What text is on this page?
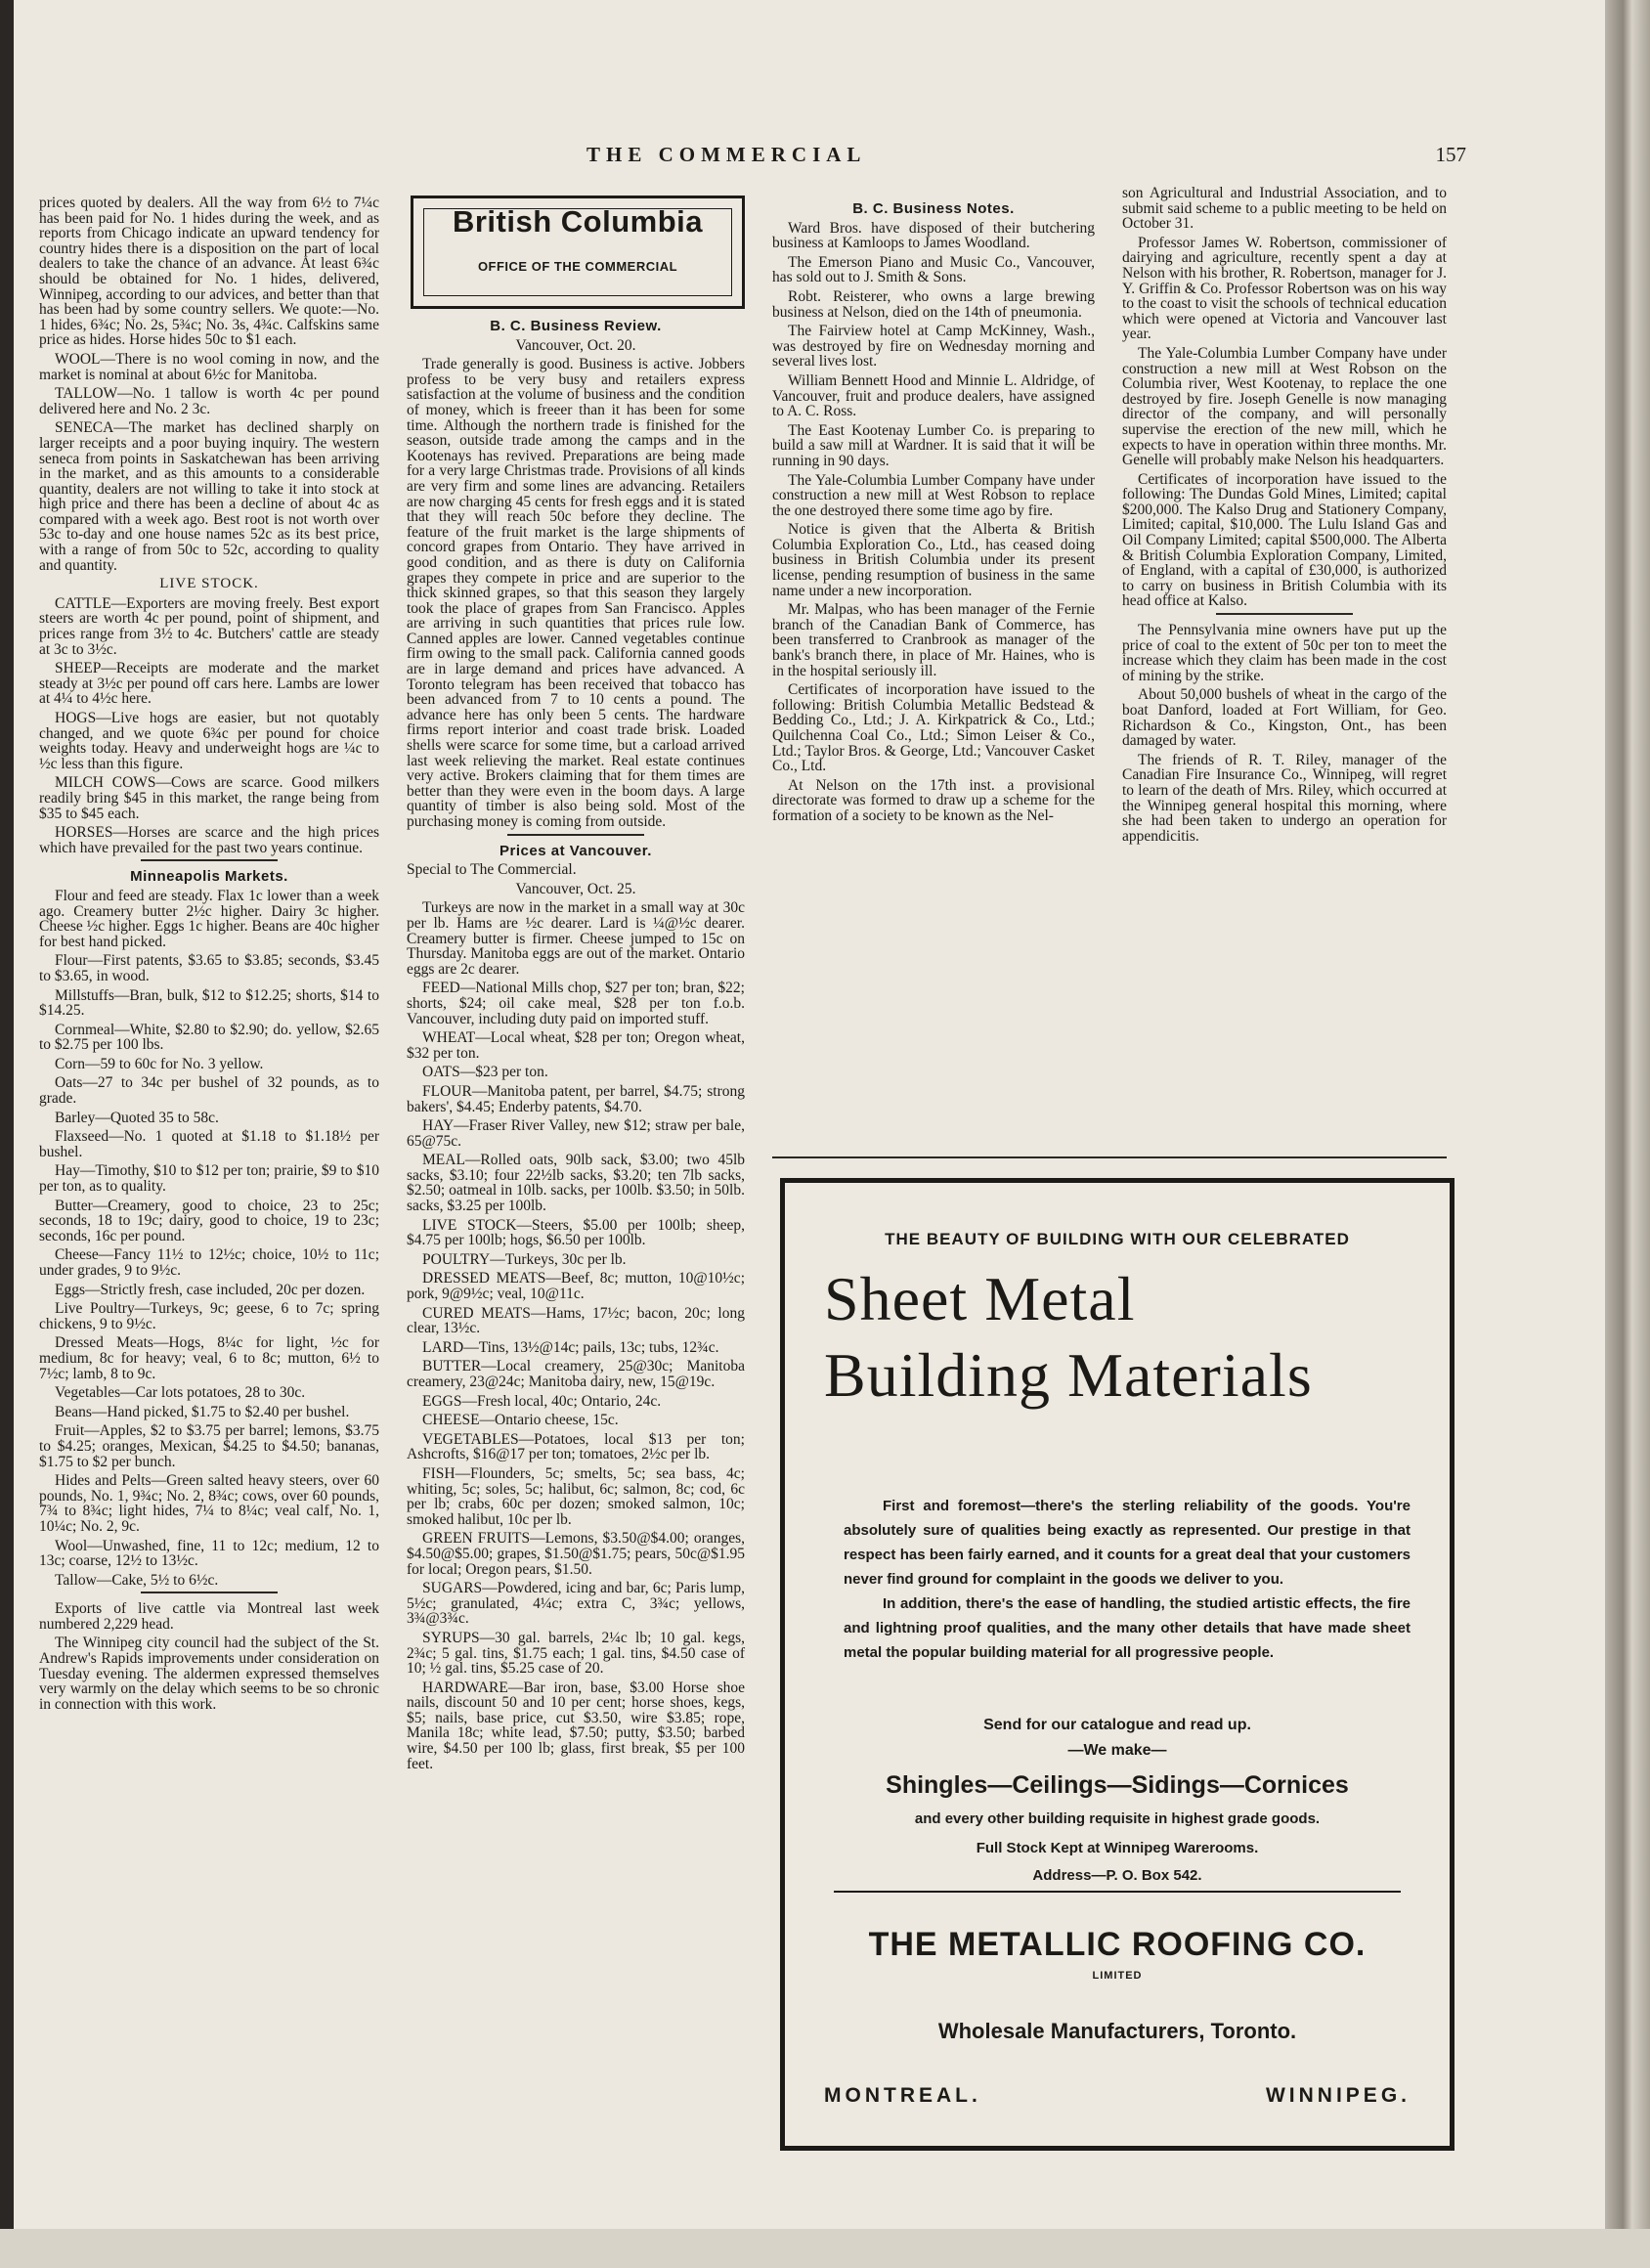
THE COMMERCIAL	157

prices quoted by dealers. All the way from 6½ to 7¼c has been paid for No. 1 hides during the week, and as reports from Chicago indicate an upward tendency for country hides there is a disposition on the part of local dealers to take the chance of an advance. At least 6¾c should be obtained for No. 1 hides, delivered, Winnipeg, according to our advices, and better than that has been had by some country sellers. We quote:—No. 1 hides, 6¾c; No. 2s, 5¾c; No. 3s, 4¾c. Calfskins same price as hides. Horse hides 50c to $1 each.

WOOL—There is no wool coming in now, and the market is nominal at about 6½c for Manitoba.

TALLOW—No. 1 tallow is worth 4c per pound delivered here and No. 2 3c.

SENECA—The market has declined sharply on larger receipts and a poor buying inquiry. The western seneca from points in Saskatchewan has been arriving in the market, and as this amounts to a considerable quantity, dealers are not willing to take it into stock at high price and there has been a decline of about 4c as compared with a week ago. Best root is not worth over 53c to-day and one house names 52c as its best price, with a range of from 50c to 52c, according to quality and quantity.

LIVE STOCK.

CATTLE—Exporters are moving freely. Best export steers are worth 4c per pound, point of shipment, and prices range from 3½ to 4c. Butchers' cattle are steady at 3c to 3½c.

SHEEP—Receipts are moderate and the market steady at 3½c per pound off cars here. Lambs are lower at 4¼ to 4½c here.

HOGS—Live hogs are easier, but not quotably changed, and we quote 6¾c per pound for choice weights today. Heavy and underweight hogs are ¼c to ½c less than this figure.

MILCH COWS—Cows are scarce. Good milkers readily bring $45 in this market, the range being from $35 to $45 each.

HORSES—Horses are scarce and the high prices which have prevailed for the past two years continue.

Minneapolis Markets.

Flour and feed are steady. Flax 1c lower than a week ago. Creamery butter 2½c higher. Dairy 3c higher. Cheese ½c higher. Eggs 1c higher. Beans are 40c higher for best hand picked.

Flour—First patents, $3.65 to $3.85; seconds, $3.45 to $3.65, in wood.

Millstuffs—Bran, bulk, $12 to $12.25; shorts, $14 to $14.25.

Cornmeal—White, $2.80 to $2.90; do. yellow, $2.65 to $2.75 per 100 lbs.

Corn—59 to 60c for No. 3 yellow.

Oats—27 to 34c per bushel of 32 pounds, as to grade.

Barley—Quoted 35 to 58c.

Flaxseed—No. 1 quoted at $1.18 to $1.18½ per bushel.

Hay—Timothy, $10 to $12 per ton; prairie, $9 to $10 per ton, as to quality.

Butter—Creamery, good to choice, 23 to 25c; seconds, 18 to 19c; dairy, good to choice, 19 to 23c; seconds, 16c per pound.

Cheese—Fancy 11½ to 12½c; choice, 10½ to 11c; under grades, 9 to 9½c.

Eggs—Strictly fresh, case included, 20c per dozen.

Live Poultry—Turkeys, 9c; geese, 6 to 7c; spring chickens, 9 to 9½c.

Dressed Meats—Hogs, 8¼c for light, ½c for medium, 8c for heavy; veal, 6 to 8c; mutton, 6½ to 7½c; lamb, 8 to 9c.

Vegetables—Car lots potatoes, 28 to 30c.

Beans—Hand picked, $1.75 to $2.40 per bushel.

Fruit—Apples, $2 to $3.75 per barrel; lemons, $3.75 to $4.25; oranges, Mexican, $4.25 to $4.50; bananas, $1.75 to $2 per bunch.

Hides and Pelts—Green salted heavy steers, over 60 pounds, No. 1, 9¾c; No. 2, 8¾c; cows, over 60 pounds, 7¾ to 8¾c; light hides, 7¼ to 8¼c; veal calf, No. 1, 10¼c; No. 2, 9c.

Wool—Unwashed, fine, 11 to 12c; medium, 12 to 13c; coarse, 12½ to 13½c.

Tallow—Cake, 5½ to 6½c.

Exports of live cattle via Montreal last week numbered 2,229 head.

The Winnipeg city council had the subject of the St. Andrew's Rapids improvements under consideration on Tuesday evening. The aldermen expressed themselves very warmly on the delay which seems to be so chronic in connection with this work.

British Columbia
OFFICE OF THE COMMERCIAL
B. C. Business Review.

Vancouver, Oct. 20.

Trade generally is good. Business is active. Jobbers profess to be very busy and retailers express satisfaction at the volume of business and the condition of money, which is freeer than it has been for some time. Although the northern trade is finished for the season, outside trade among the camps and in the Kootenays has revived. Preparations are being made for a very large Christmas trade. Provisions of all kinds are very firm and some lines are advancing. Retailers are now charging 45 cents for fresh eggs and it is stated that they will reach 50c before they decline. The feature of the fruit market is the large shipments of concord grapes from Ontario. They have arrived in good condition, and as there is duty on California grapes they compete in price and are superior to the thick skinned grapes, so that this season they largely took the place of grapes from San Francisco. Apples are arriving in such quantities that prices rule low. Canned apples are lower. Canned vegetables continue firm owing to the small pack. California canned goods are in large demand and prices have advanced. A Toronto telegram has been received that tobacco has been advanced from 7 to 10 cents a pound. The advance here has only been 5 cents. The hardware firms report interior and coast trade brisk. Loaded shells were scarce for some time, but a carload arrived last week relieving the market. Real estate continues very active. Brokers claiming that for them times are better than they were even in the boom days. A large quantity of timber is also being sold. Most of the purchasing money is coming from outside.

Prices at Vancouver.

Special to The Commercial.

Vancouver, Oct. 25.

Turkeys are now in the market in a small way at 30c per lb. Hams are ½c dearer. Lard is ¼@½c dearer. Creamery butter is firmer. Cheese jumped to 15c on Thursday. Manitoba eggs are out of the market. Ontario eggs are 2c dearer.

FEED—National Mills chop, $27 per ton; bran, $22; shorts, $24; oil cake meal, $28 per ton f.o.b. Vancouver, including duty paid on imported stuff.

WHEAT—Local wheat, $28 per ton; Oregon wheat, $32 per ton.

OATS—$23 per ton.

FLOUR—Manitoba patent, per barrel, $4.75; strong bakers', $4.45; Enderby patents, $4.70.

HAY—Fraser River Valley, new $12; straw per bale, 65@75c.

MEAL—Rolled oats, 90lb sack, $3.00; two 45lb sacks, $3.10; four 22½lb sacks, $3.20; ten 7lb sacks, $2.50; oatmeal in 10lb. sacks, per 100lb. $3.50; in 50lb. sacks, $3.25 per 100lb.

LIVE STOCK—Steers, $5.00 per 100lb; sheep, $4.75 per 100lb; hogs, $6.50 per 100lb.

POULTRY—Turkeys, 30c per lb.

DRESSED MEATS—Beef, 8c; mutton, 10@10½c; pork, 9@9½c; veal, 10@11c.

CURED MEATS—Hams, 17½c; bacon, 20c; long clear, 13½c.

LARD—Tins, 13½@14c; pails, 13c; tubs, 12¾c.

BUTTER—Local creamery, 25@30c; Manitoba creamery, 23@24c; Manitoba dairy, new, 15@19c.

EGGS—Fresh local, 40c; Ontario, 24c.

CHEESE—Ontario cheese, 15c.

VEGETABLES—Potatoes, local $13 per ton; Ashcrofts, $16@17 per ton; tomatoes, 2½c per lb.

FISH—Flounders, 5c; smelts, 5c; sea bass, 4c; whiting, 5c; soles, 5c; halibut, 6c; salmon, 8c; cod, 6c per lb; crabs, 60c per dozen; smoked salmon, 10c; smoked halibut, 10c per lb.

GREEN FRUITS—Lemons, $3.50@$4.00; oranges, $4.50@$5.00; grapes, $1.50@$1.75; pears, 50c@$1.95 for local; Oregon pears, $1.50.

SUGARS—Powdered, icing and bar, 6c; Paris lump, 5½c; granulated, 4¼c; extra C, 3¾c; yellows, 3¾@3¾c.

SYRUPS—30 gal. barrels, 2¼c lb; 10 gal. kegs, 2¾c; 5 gal. tins, $1.75 each; 1 gal. tins, $4.50 case of 10; ½ gal. tins, $5.25 case of 20.

HARDWARE—Bar iron, base, $3.00 Horse shoe nails, discount 50 and 10 per cent; horse shoes, kegs, $5; nails, base price, cut $3.50, wire $3.85; rope, Manila 18c; white lead, $7.50; putty, $3.50; barbed wire, $4.50 per 100 lb; glass, first break, $5 per 100 feet.

B. C. Business Notes.

Ward Bros. have disposed of their butchering business at Kamloops to James Woodland.

The Emerson Piano and Music Co., Vancouver, has sold out to J. Smith & Sons.

Robt. Reisterer, who owns a large brewing business at Nelson, died on the 14th of pneumonia.

The Fairview hotel at Camp McKinney, Wash., was destroyed by fire on Wednesday morning and several lives lost.

William Bennett Hood and Minnie L. Aldridge, of Vancouver, fruit and produce dealers, have assigned to A. C. Ross.

The East Kootenay Lumber Co. is preparing to build a saw mill at Wardner. It is said that it will be running in 90 days.

The Yale-Columbia Lumber Company have under construction a new mill at West Robson to replace the one destroyed there some time ago by fire.

Notice is given that the Alberta & British Columbia Exploration Co., Ltd., has ceased doing business in British Columbia under its present license, pending resumption of business in the same name under a new incorporation.

Mr. Malpas, who has been manager of the Fernie branch of the Canadian Bank of Commerce, has been transferred to Cranbrook as manager of the bank's branch there, in place of Mr. Haines, who is in the hospital seriously ill.

Certificates of incorporation have issued to the following: British Columbia Metallic Bedstead & Bedding Co., Ltd.; J. A. Kirkpatrick & Co., Ltd.; Quilchenna Coal Co., Ltd.; Simon Leiser & Co., Ltd.; Taylor Bros. & George, Ltd.; Vancouver Casket Co., Ltd.

At Nelson on the 17th inst. a provisional directorate was formed to draw up a scheme for the formation of a society to be known as the Nel-

son Agricultural and Industrial Association, and to submit said scheme to a public meeting to be held on October 31.

Professor James W. Robertson, commissioner of dairying and agriculture, recently spent a day at Nelson with his brother, R. Robertson, manager for J. Y. Griffin & Co. Professor Robertson was on his way to the coast to visit the schools of technical education which were opened at Victoria and Vancouver last year.

The Yale-Columbia Lumber Company have under construction a new mill at West Robson on the Columbia river, West Kootenay, to replace the one destroyed by fire. Joseph Genelle is now managing director of the company, and will personally supervise the erection of the new mill, which he expects to have in operation within three months. Mr. Genelle will probably make Nelson his headquarters.

Certificates of incorporation have issued to the following: The Dundas Gold Mines, Limited; capital $200,000. The Kalso Drug and Stationery Company, Limited; capital, $10,000. The Lulu Island Gas and Oil Company Limited; capital $500,000. The Alberta & British Columbia Exploration Company, Limited, of England, with a capital of £30,000, is authorized to carry on business in British Columbia with its head office at Kalso.

The Pennsylvania mine owners have put up the price of coal to the extent of 50c per ton to meet the increase which they claim has been made in the cost of mining by the strike.

About 50,000 bushels of wheat in the cargo of the boat Danford, loaded at Fort William, for Geo. Richardson & Co., Kingston, Ont., has been damaged by water.

The friends of R. T. Riley, manager of the Canadian Fire Insurance Co., Winnipeg, will regret to learn of the death of Mrs. Riley, which occurred at the Winnipeg general hospital this morning, where she had been taken to undergo an operation for appendicitis.

THE BEAUTY OF BUILDING WITH OUR CELEBRATED
Sheet Metal
Building Materials

First and foremost—there's the sterling reliability of the goods. You're absolutely sure of qualities being exactly as represented. Our prestige in that respect has been fairly earned, and it counts for a great deal that your customers never find ground for complaint in the goods we deliver to you.

In addition, there's the ease of handling, the studied artistic effects, the fire and lightning proof qualities, and the many other details that have made sheet metal the popular building material for all progressive people.

Send for our catalogue and read up.
—We make—
Shingles—Ceilings—Sidings—Cornices
and every other building requisite in highest grade goods.
Full Stock Kept at Winnipeg Warerooms.
Address—P. O. Box 542.
THE METALLIC ROOFING CO.
LIMITED
Wholesale Manufacturers, Toronto.
MONTREAL.	WINNIPEG.
